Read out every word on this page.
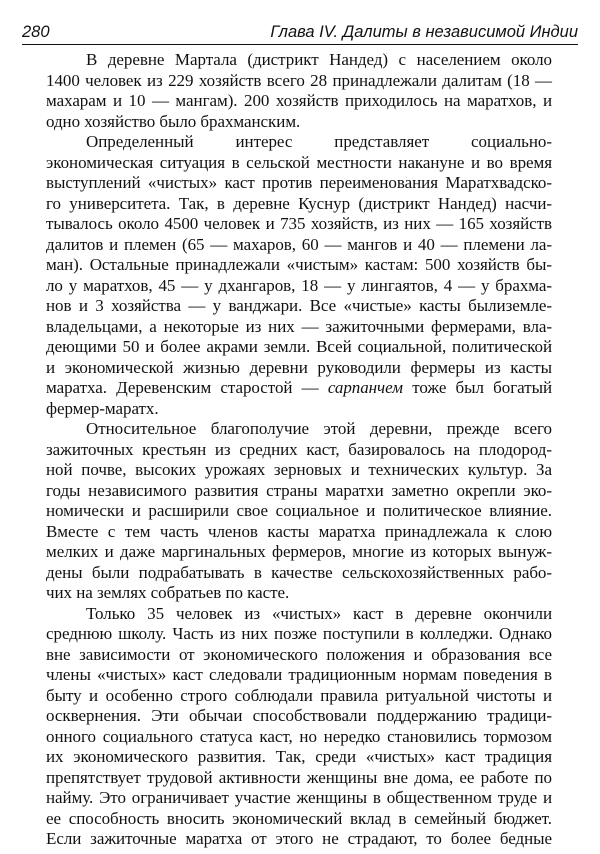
280	Глава IV. Далиты в независимой Индии
В деревне Мартала (дистрикт Нандед) с населением около
1400 человек из 229 хозяйств всего 28 принадлежали далитам (18 —
махарам и 10 — мангам). 200 хозяйств приходилось на маратхов, и
одно хозяйство было брахманским.
Определенный интерес представляет социально-
экономическая ситуация в сельской местности накануне и во время
выступлений «чистых» каст против переименования Маратхвадско-
го университета. Так, в деревне Куснур (дистрикт Нандед) насчи-
тывалось около 4500 человек и 735 хозяйств, из них — 165 хозяйств
далитов и племен (65 — махаров, 60 — мангов и 40 — племени ла-
ман). Остальные принадлежали «чистым» кастам: 500 хозяйств бы-
ло у маратхов, 45 — у дхангаров, 18 — у лингаятов, 4 — у брахма-
нов и 3 хозяйства — у ванджари. Все «чистые» касты былиземле-
владельцами, а некоторые из них — зажиточными фермерами, вла-
деющими 50 и более акрами земли. Всей социальной, политической
и экономической жизнью деревни руководили фермеры из касты
маратха. Деревенским старостой — сарпанчем тоже был богатый
фермер-маратх.
Относительное благополучие этой деревни, прежде всего
зажиточных крестьян из средних каст, базировалось на плодород-
ной почве, высоких урожаях зерновых и технических культур. За
годы независимого развития страны маратхи заметно окрепли эко-
номически и расширили свое социальное и политическое влияние.
Вместе с тем часть членов касты маратха принадлежала к слою
мелких и даже маргинальных фермеров, многие из которых вынуж-
дены были подрабатывать в качестве сельскохозяйственных рабо-
чих на землях собратьев по касте.
Только 35 человек из «чистых» каст в деревне окончили
среднюю школу. Часть из них позже поступили в колледжи. Однако
вне зависимости от экономического положения и образования все
члены «чистых» каст следовали традиционным нормам поведения в
быту и особенно строго соблюдали правила ритуальной чистоты и
осквернения. Эти обычаи способствовали поддержанию традици-
онного социального статуса каст, но нередко становились тормозом
их экономического развития. Так, среди «чистых» каст традиция
препятствует трудовой активности женщины вне дома, ее работе по
найму. Это ограничивает участие женщины в общественном труде и
ее способность вносить экономический вклад в семейный бюджет.
Если зажиточные маратха от этого не страдают, то более бедные
